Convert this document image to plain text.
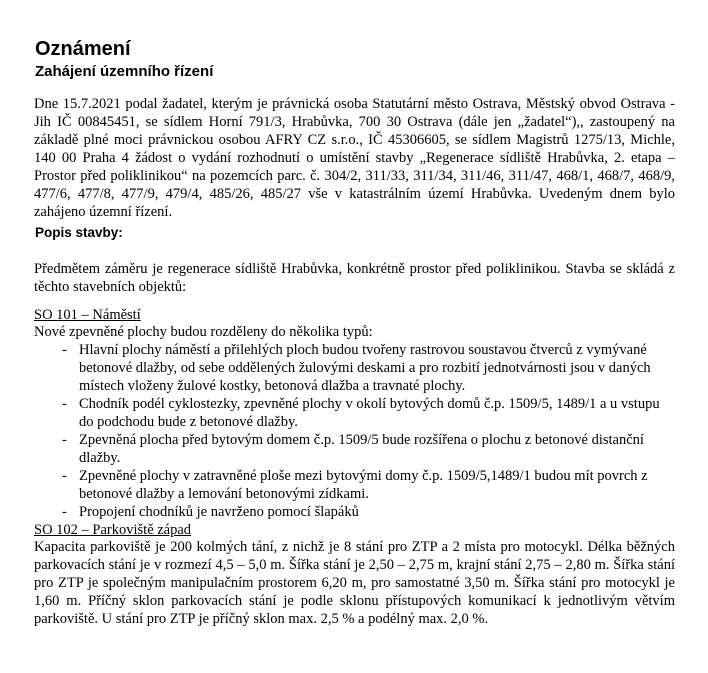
Oznámení
Zahájení územního řízení
Dne 15.7.2021 podal žadatel, kterým je právnická osoba Statutární město Ostrava, Městský obvod Ostrava - Jih IČ 00845451, se sídlem Horní 791/3, Hrabůvka, 700 30 Ostrava (dále jen „žadatel“),, zastoupený na základě plné moci právnickou osobou AFRY CZ s.r.o., IČ 45306605, se sídlem Magistrů 1275/13, Michle, 140 00 Praha 4 žádost o vydání rozhodnutí o umístění stavby „Regenerace sídliště Hrabůvka, 2. etapa – Prostor před poliklinikou“ na pozemcích parc. č. 304/2, 311/33, 311/34, 311/46, 311/47, 468/1, 468/7, 468/9, 477/6, 477/8, 477/9, 479/4, 485/26, 485/27 vše v katastrálním území Hrabůvka. Uvedeným dnem bylo zahájeno územní řízení.
Popis stavby:
Předmětem záměru je regenerace sídliště Hrabůvka, konkrétně prostor před poliklinikou. Stavba se skládá z těchto stavebních objektů:
SO 101 – Náměstí
Nové zpevněné plochy budou rozděleny do několika typů:
- Hlavní plochy náměstí a přilehlých ploch budou tvořeny rastrovou soustavou čtverců z vymývané betonové dlažby, od sebe oddělených žulovými deskami a pro rozbití jednotvárnosti jsou v daných místech vloženy žulové kostky, betonová dlažba a travnaté plochy.
- Chodník podél cyklostezky, zpevněné plochy v okolí bytových domů č.p. 1509/5, 1489/1 a u vstupu do podchodu bude z betonové dlažby.
- Zpevněná plocha před bytovým domem č.p. 1509/5 bude rozšířena o plochu z betonové distanční dlažby.
- Zpevněné plochy v zatravněné ploše mezi bytovými domy č.p. 1509/5,1489/1 budou mít povrch z betonové dlažby a lemování betonovými zídkami.
- Propojení chodníků je navrženo pomocí šlapáků
SO 102 – Parkoviště západ
Kapacita parkoviště je 200 kolmých tání, z nichž je 8 stání pro ZTP a 2 místa pro motocykl. Délka běžných parkovacích stání je v rozmezí 4,5 – 5,0 m. Šířka stání je 2,50 – 2,75 m, krajní stání 2,75 – 2,80 m. Šířka stání pro ZTP je společným manipulačním prostorem 6,20 m, pro samostatné 3,50 m. Šířka stání pro motocykl je 1,60 m. Příčný sklon parkovacích stání je podle sklonu přístupových komunikací k jednotlivým větvím parkoviště. U stání pro ZTP je příčný sklon max. 2,5 % a podélný max. 2,0 %.
